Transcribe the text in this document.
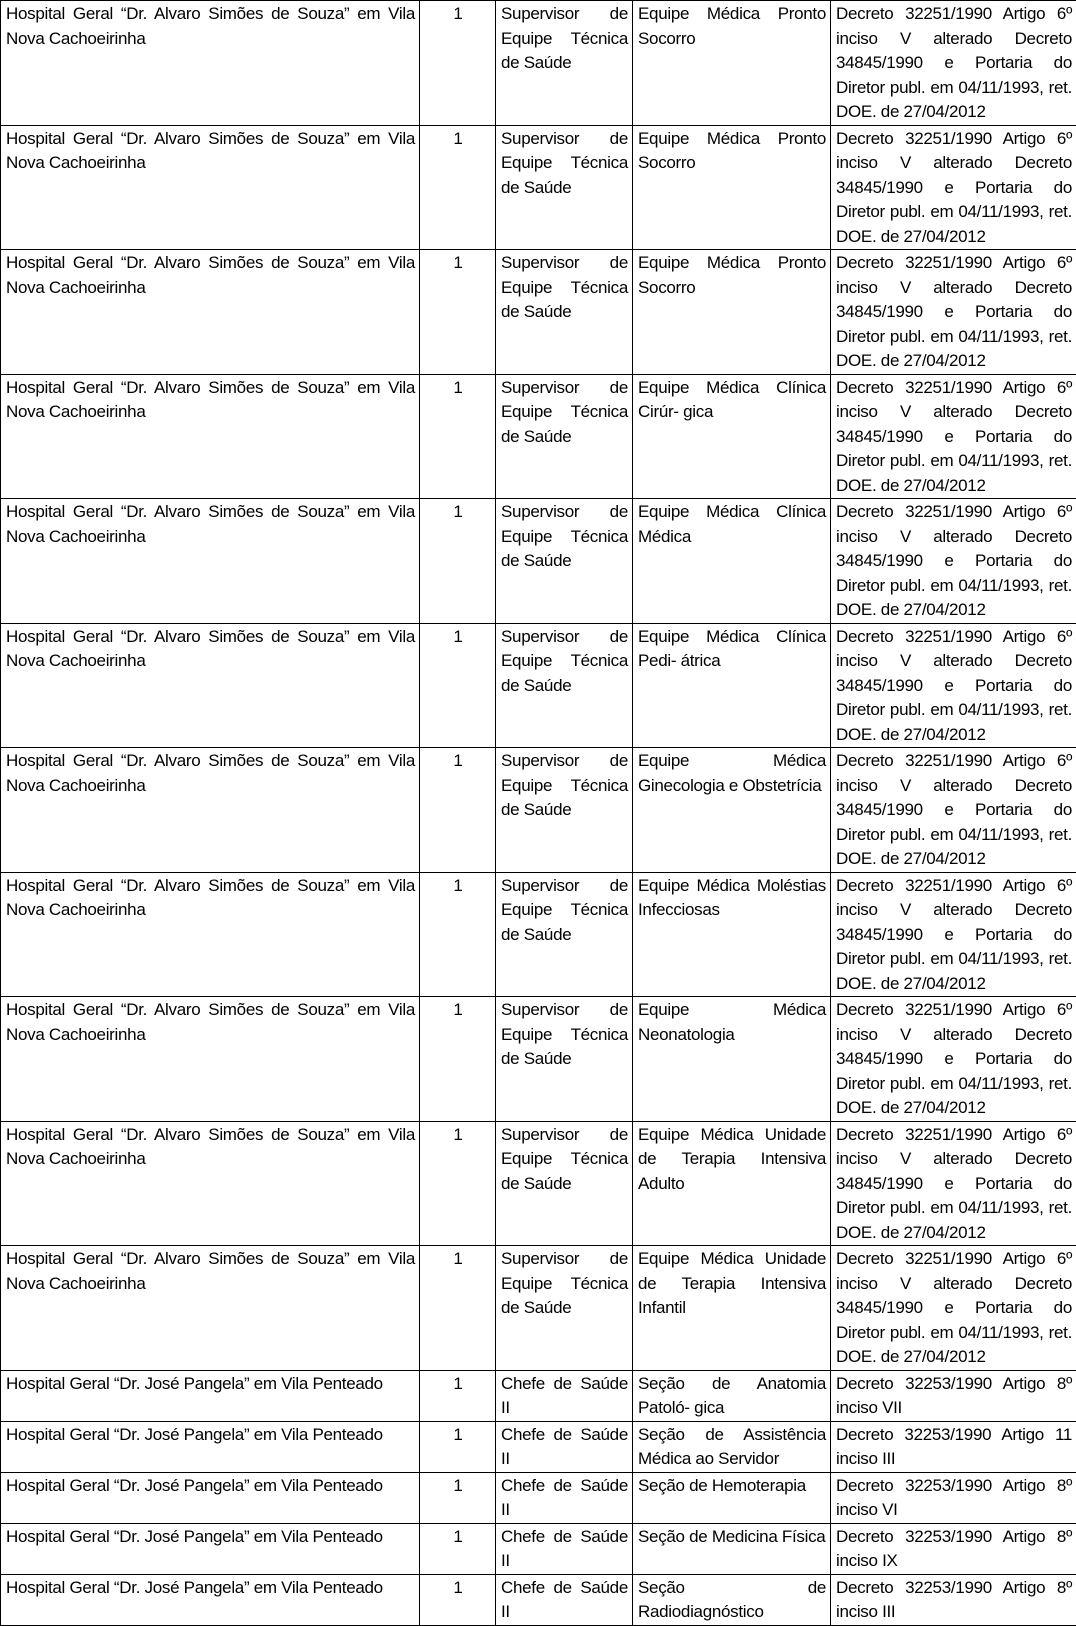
Hospital Geral “Dr. Alvaro Simões de Souza” em Vila Nova Cachoeirinha	1	Supervisor de Equipe Técnica de Saúde	Equipe Médica Pronto Socorro	Decreto 32251/1990 Artigo 6º inciso V alterado Decreto 34845/1990 e Portaria do Diretor publ. em 04/11/1993, ret. DOE. de 27/04/2012
Hospital Geral “Dr. Alvaro Simões de Souza” em Vila Nova Cachoeirinha	1	Supervisor de Equipe Técnica de Saúde	Equipe Médica Pronto Socorro	Decreto 32251/1990 Artigo 6º inciso V alterado Decreto 34845/1990 e Portaria do Diretor publ. em 04/11/1993, ret. DOE. de 27/04/2012
Hospital Geral “Dr. Alvaro Simões de Souza” em Vila Nova Cachoeirinha	1	Supervisor de Equipe Técnica de Saúde	Equipe Médica Pronto Socorro	Decreto 32251/1990 Artigo 6º inciso V alterado Decreto 34845/1990 e Portaria do Diretor publ. em 04/11/1993, ret. DOE. de 27/04/2012
Hospital Geral “Dr. Alvaro Simões de Souza” em Vila Nova Cachoeirinha	1	Supervisor de Equipe Técnica de Saúde	Equipe Médica Clínica Cirúr- gica	Decreto 32251/1990 Artigo 6º inciso V alterado Decreto 34845/1990 e Portaria do Diretor publ. em 04/11/1993, ret. DOE. de 27/04/2012
Hospital Geral “Dr. Alvaro Simões de Souza” em Vila Nova Cachoeirinha	1	Supervisor de Equipe Técnica de Saúde	Equipe Médica Clínica Médica	Decreto 32251/1990 Artigo 6º inciso V alterado Decreto 34845/1990 e Portaria do Diretor publ. em 04/11/1993, ret. DOE. de 27/04/2012
Hospital Geral “Dr. Alvaro Simões de Souza” em Vila Nova Cachoeirinha	1	Supervisor de Equipe Técnica de Saúde	Equipe Médica Clínica Pedi- átrica	Decreto 32251/1990 Artigo 6º inciso V alterado Decreto 34845/1990 e Portaria do Diretor publ. em 04/11/1993, ret. DOE. de 27/04/2012
Hospital Geral “Dr. Alvaro Simões de Souza” em Vila Nova Cachoeirinha	1	Supervisor de Equipe Técnica de Saúde	Equipe Médica Ginecologia e Obstetrícia	Decreto 32251/1990 Artigo 6º inciso V alterado Decreto 34845/1990 e Portaria do Diretor publ. em 04/11/1993, ret. DOE. de 27/04/2012
Hospital Geral “Dr. Alvaro Simões de Souza” em Vila Nova Cachoeirinha	1	Supervisor de Equipe Técnica de Saúde	Equipe Médica Moléstias Infecciosas	Decreto 32251/1990 Artigo 6º inciso V alterado Decreto 34845/1990 e Portaria do Diretor publ. em 04/11/1993, ret. DOE. de 27/04/2012
Hospital Geral “Dr. Alvaro Simões de Souza” em Vila Nova Cachoeirinha	1	Supervisor de Equipe Técnica de Saúde	Equipe Médica Neonatologia	Decreto 32251/1990 Artigo 6º inciso V alterado Decreto 34845/1990 e Portaria do Diretor publ. em 04/11/1993, ret. DOE. de 27/04/2012
Hospital Geral “Dr. Alvaro Simões de Souza” em Vila Nova Cachoeirinha	1	Supervisor de Equipe Técnica de Saúde	Equipe Médica Unidade de Terapia Intensiva Adulto	Decreto 32251/1990 Artigo 6º inciso V alterado Decreto 34845/1990 e Portaria do Diretor publ. em 04/11/1993, ret. DOE. de 27/04/2012
Hospital Geral “Dr. Alvaro Simões de Souza” em Vila Nova Cachoeirinha	1	Supervisor de Equipe Técnica de Saúde	Equipe Médica Unidade de Terapia Intensiva Infantil	Decreto 32251/1990 Artigo 6º inciso V alterado Decreto 34845/1990 e Portaria do Diretor publ. em 04/11/1993, ret. DOE. de 27/04/2012
Hospital Geral “Dr. José Pangela” em Vila Penteado	1	Chefe de Saúde II	Seção de Anatomia Patoló- gica	Decreto 32253/1990 Artigo 8º inciso VII
Hospital Geral “Dr. José Pangela” em Vila Penteado	1	Chefe de Saúde II	Seção de Assistência Médica ao Servidor	Decreto 32253/1990 Artigo 11 inciso III
Hospital Geral “Dr. José Pangela” em Vila Penteado	1	Chefe de Saúde II	Seção de Hemoterapia	Decreto 32253/1990 Artigo 8º inciso VI
Hospital Geral “Dr. José Pangela” em Vila Penteado	1	Chefe de Saúde II	Seção de Medicina Física	Decreto 32253/1990 Artigo 8º inciso IX
Hospital Geral “Dr. José Pangela” em Vila Penteado	1	Chefe de Saúde II	Seção de Radiodiagnóstico	Decreto 32253/1990 Artigo 8º inciso III
